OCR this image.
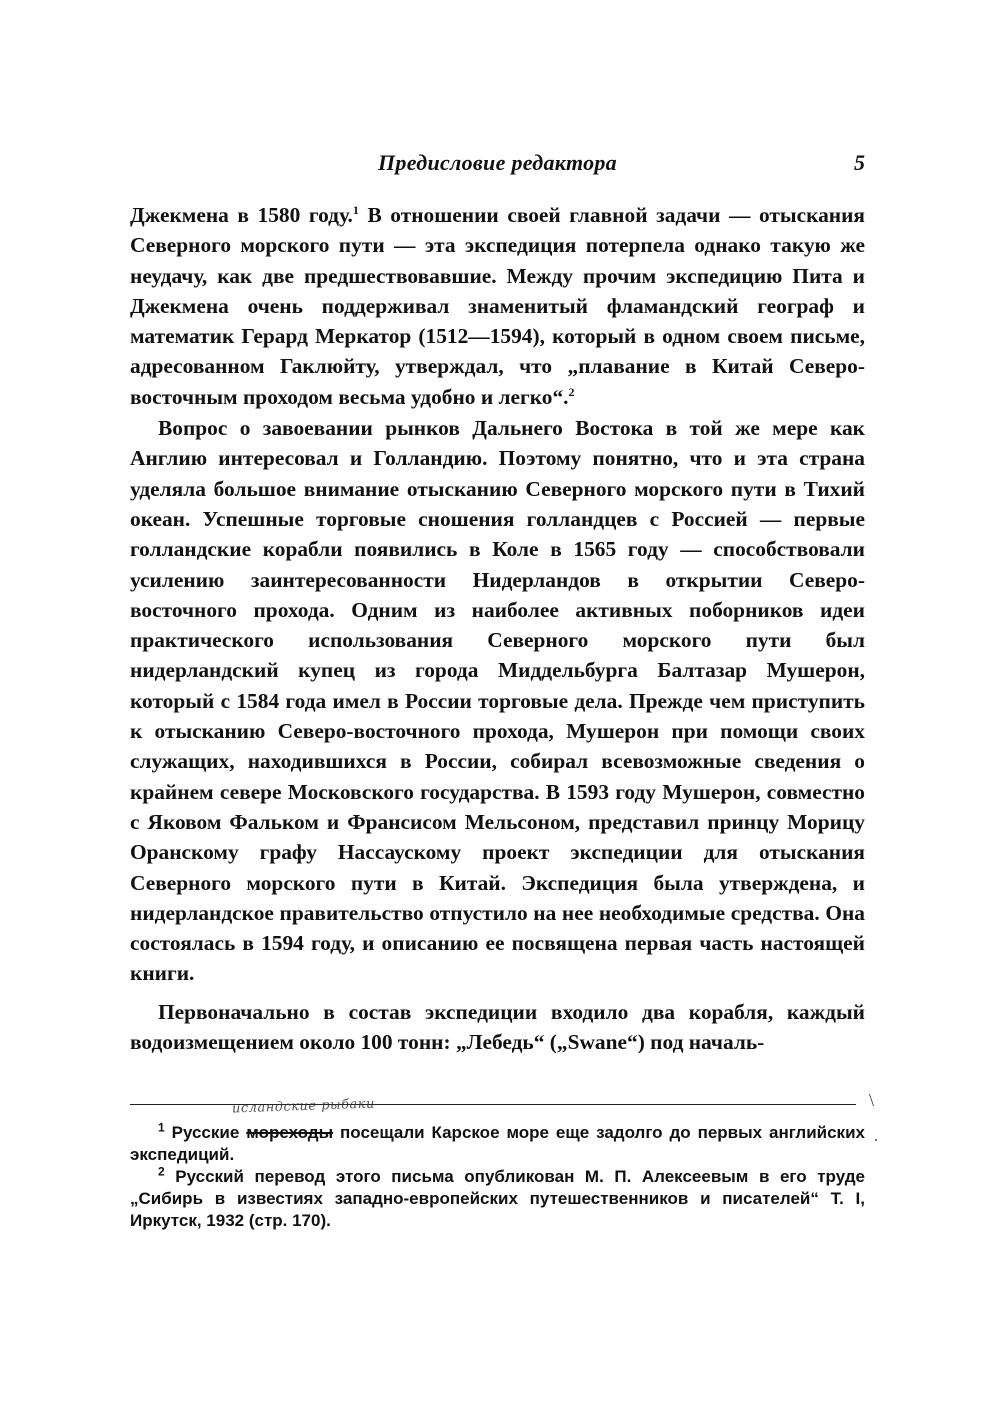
Предисловие редактора	5

Джекмена в 1580 году.$^1$ В отношении своей главной задачи — отыскания Северного морского пути — эта экспедиция потерпела однако такую же неудачу, как две предшествовавшие. Между прочим экспедицию Пита и Джекмена очень поддерживал знаменитый фламандский географ и математик Герард Меркатор (1512—1594), который в одном своем письме, адресованном Гаклюйту, утверждал, что „плавание в Китай Северо-восточным проходом весьма удобно и легко“.$^2$

Вопрос о завоевании рынков Дальнего Востока в той же мере как Англию интересовал и Голландию. Поэтому понятно, что и эта страна уделяла большое внимание отысканию Северного морского пути в Тихий океан. Успешные торговые сношения голландцев с Россией — первые голландские корабли появились в Коле в 1565 году — способствовали усилению заинтересованности Нидерландов в открытии Северо-восточного прохода. Одним из наиболее активных поборников идеи практического использования Северного морского пути был нидерландский купец из города Миддельбурга Балтазар Мушерон, который с 1584 года имел в России торговые дела. Прежде чем приступить к отысканию Северо-восточного прохода, Мушерон при помощи своих служащих, находившихся в России, собирал всевозможные сведения о крайнем севере Московского государства. В 1593 году Мушерон, совместно с Яковом Фальком и Франсисом Мельсоном, представил принцу Морицу Оранскому графу Нассаускому проект экспедиции для отыскания Северного морского пути в Китай. Экспедиция была утверждена, и нидерландское правительство отпустило на нее необходимые средства. Она состоялась в 1594 году, и описанию ее посвящена первая часть настоящей книги.

Первоначально в состав экспедиции входило два корабля, каждый водоизмещением около 100 тонн: „Лебедь“ („Swane“) под началь-

исландские рыбаки	\
.

$^1$ Русские мореходы посещали Карское море еще задолго до первых английских экспедиций.

$^2$ Русский перевод этого письма опубликован М. П. Алексеевым в его труде „Сибирь в известиях западно-европейских путешественников и писателей“ Т. I, Иркутск, 1932 (стр. 170).
